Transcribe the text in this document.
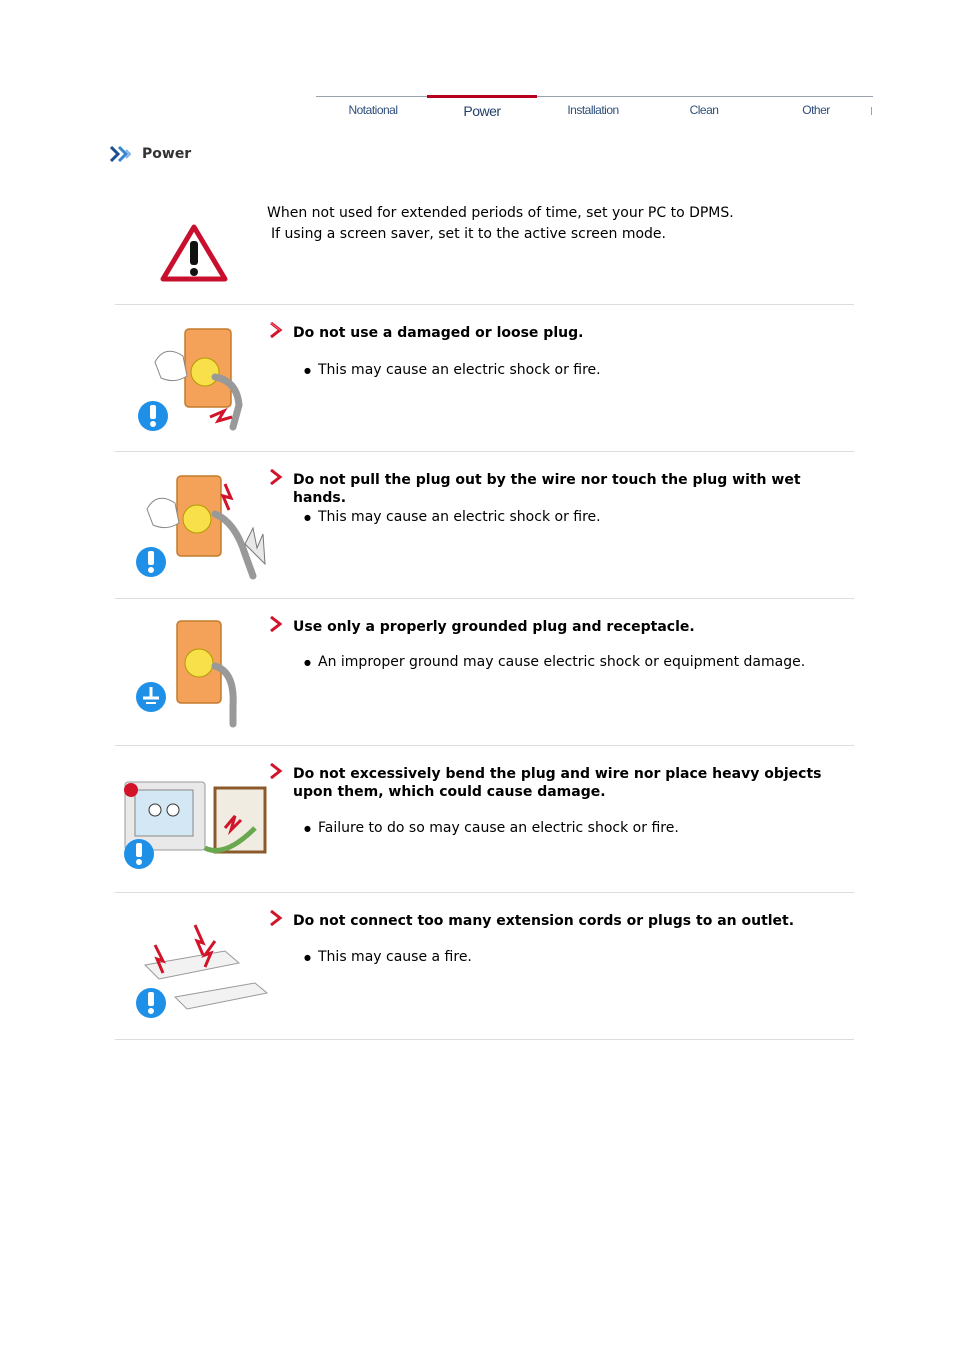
Notational	Power	Installation	Clean	Other
Power
When not used for extended periods of time, set your PC to DPMS.
If using a screen saver, set it to the active screen mode.
Do not use a damaged or loose plug.
● This may cause an electric shock or fire.
Do not pull the plug out by the wire nor touch the plug with wet hands.
● This may cause an electric shock or fire.
Use only a properly grounded plug and receptacle.
● An improper ground may cause electric shock or equipment damage.
Do not excessively bend the plug and wire nor place heavy objects upon them, which could cause damage.
● Failure to do so may cause an electric shock or fire.
Do not connect too many extension cords or plugs to an outlet.
● This may cause a fire.
